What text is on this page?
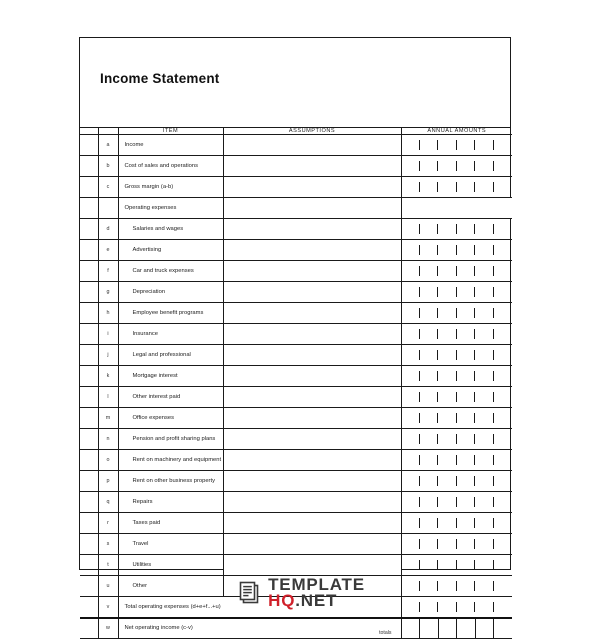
Income Statement
		ITEM	ASSUMPTIONS	ANNUAL AMOUNTS
	a	Income		

	b	Cost of sales and operations		

	c	Gross margin (a-b)		

		Operating expenses		
	d	Salaries and wages		

	e	Advertising		

	f	Car and truck expenses		

	g	Depreciation		

	h	Employee benefit programs		

	i	Insurance		

	j	Legal and professional		

	k	Mortgage interest		

	l	Other interest paid		

	m	Office expenses		

	n	Pension and profit sharing plans		

	o	Rent on machinery and equipment		

	p	Rent on other business property		

	q	Repairs		

	r	Taxes paid		

	s	Travel		

	t	Utilities		

	u	Other		

	v	Total operating expenses (d+e+f...+u)		

	w	Net operating income (c-v)
totals		

TEMPLATE
HQ.NET
